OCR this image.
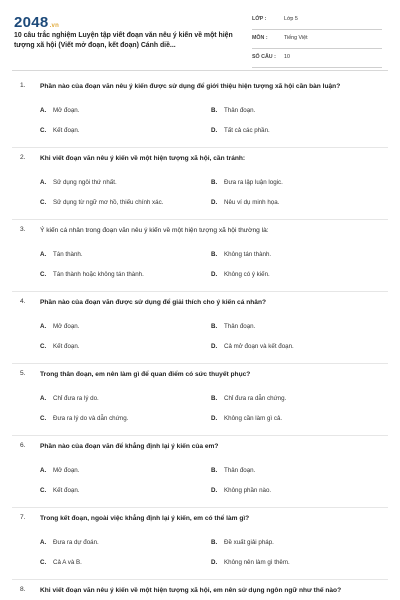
2048.vn
10 câu trắc nghiệm Luyện tập viết đoạn văn nêu ý kiến về một hiện tượng xã hội (Viết mở đoạn, kết đoạn) Cánh diề...
LỚP :	Lớp 5
MÔN :	Tiếng Việt
SỐ CÂU : 10
1. Phần nào của đoạn văn nêu ý kiến được sử dụng để giới thiệu hiện tượng xã hội cần bàn luận?
A. Mở đoạn.	B. Thân đoạn.
C. Kết đoạn.	D. Tất cả các phần.
2. Khi viết đoạn văn nêu ý kiến về một hiện tượng xã hội, cần tránh:
A. Sử dụng ngôi thứ nhất.	B. Đưa ra lập luận logic.
C. Sử dụng từ ngữ mơ hồ, thiếu chính xác.	D. Nêu ví dụ minh họa.
3. Ý kiến cá nhân trong đoạn văn nêu ý kiến về một hiện tượng xã hội thường là:
A. Tán thành.	B. Không tán thành.
C. Tán thành hoặc không tán thành.	D. Không có ý kiến.
4. Phần nào của đoạn văn được sử dụng để giải thích cho ý kiến cá nhân?
A. Mở đoạn.	B. Thân đoạn.
C. Kết đoạn.	D. Cả mở đoạn và kết đoạn.
5. Trong thân đoạn, em nên làm gì để quan điểm có sức thuyết phục?
A. Chỉ đưa ra lý do.	B. Chỉ đưa ra dẫn chứng.
C. Đưa ra lý do và dẫn chứng.	D. Không cần làm gì cả.
6. Phần nào của đoạn văn để khẳng định lại ý kiến của em?
A. Mở đoạn.	B. Thân đoạn.
C. Kết đoạn.	D. Không phần nào.
7. Trong kết đoạn, ngoài việc khẳng định lại ý kiến, em có thể làm gì?
A. Đưa ra dự đoán.	B. Đề xuất giải pháp.
C. Cả A và B.	D. Không nên làm gì thêm.
8. Khi viết đoạn văn nêu ý kiến về một hiện tượng xã hội, em nên sử dụng ngôn ngữ như thế nào?
